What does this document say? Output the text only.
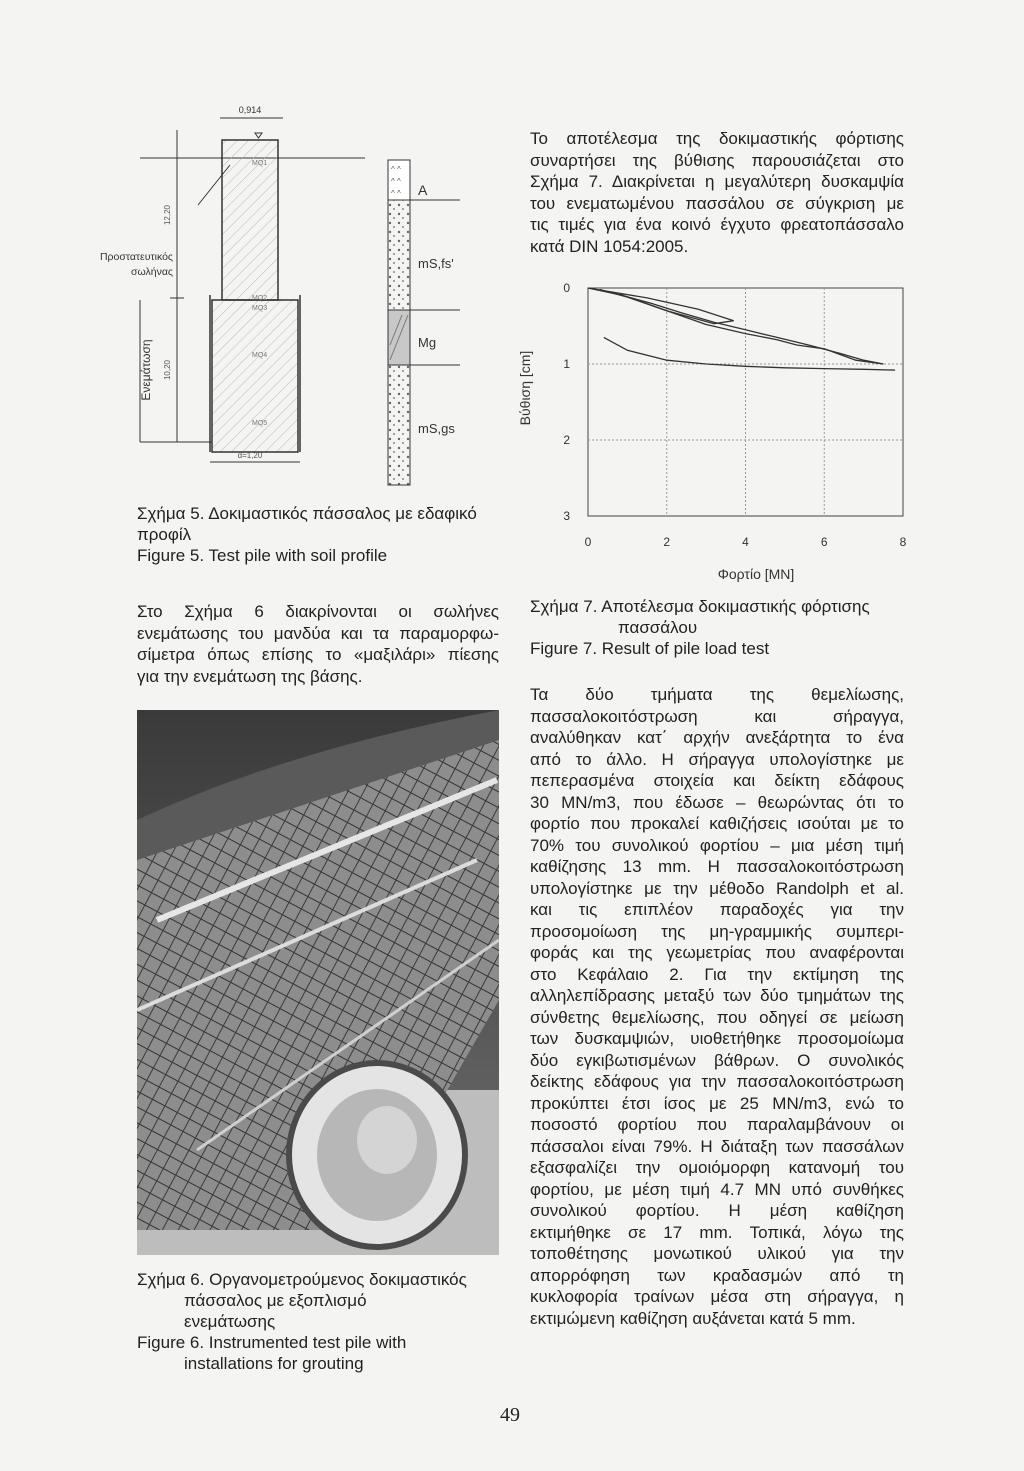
0,914
MQ1
MQ2
MQ3
MQ4
MQ5
12,20
10,20
Προστατευτικός
σωλήνας
Ενεμάτωση
d=1,20
^ ^
^ ^
^ ^ A
mS,fs'
Mg
mS,gs
Σχήμα 5. Δοκιμαστικός πάσσαλος με εδαφικό
προφίλ
Figure 5. Test pile with soil profile
Στο Σχήμα 6 διακρίνονται οι σωλήνες
ενεμάτωσης του μανδύα και τα παραμορφω-
σίμετρα όπως επίσης το «μαξιλάρι» πίεσης
για την ενεμάτωση της βάσης.
Σχήμα 6. Οργανομετρούμενος δοκιμαστικός
πάσσαλος με εξοπλισμό
ενεμάτωσης
Figure 6. Instrumented test pile with
installations for grouting
Το αποτέλεσμα της δοκιμαστικής φόρτισης
συναρτήσει της βύθισης παρουσιάζεται στο
Σχήμα 7. Διακρίνεται η μεγαλύτερη δυσκαμψία
του ενεματωμένου πασσάλου σε σύγκριση με
τις τιμές για ένα κοινό έγχυτο φρεατοπάσσαλο
κατά DIN 1054:2005.
0	2	4	6	8
0
1
2
3
Φορτίο [MN]
Βύθιση [cm]
Σχήμα 7. Αποτέλεσμα δοκιμαστικής φόρτισης
πασσάλου
Figure 7. Result of pile load test
Τα δύο τμήματα της θεμελίωσης,
πασσαλοκοιτόστρωση και σήραγγα,
αναλύθηκαν κατ΄ αρχήν ανεξάρτητα το ένα
από το άλλο. Η σήραγγα υπολογίστηκε με
πεπερασμένα στοιχεία και δείκτη εδάφους
30 MN/m3, που έδωσε – θεωρώντας ότι το
φορτίο που προκαλεί καθιζήσεις ισούται με το
70% του συνολικού φορτίου – μια μέση τιμή
καθίζησης 13 mm. Η πασσαλοκοιτόστρωση
υπολογίστηκε με την μέθοδο Randolph et al.
και τις επιπλέον παραδοχές για την
προσομοίωση της μη-γραμμικής συμπερι-
φοράς και της γεωμετρίας που αναφέρονται
στο Κεφάλαιο 2. Για την εκτίμηση της
αλληλεπίδρασης μεταξύ των δύο τμημάτων της
σύνθετης θεμελίωσης, που οδηγεί σε μείωση
των δυσκαμψιών, υιοθετήθηκε προσομοίωμα
δύο εγκιβωτισμένων βάθρων. Ο συνολικός
δείκτης εδάφους για την πασσαλοκοιτόστρωση
προκύπτει έτσι ίσος με 25 MN/m3, ενώ το
ποσοστό φορτίου που παραλαμβάνουν οι
πάσσαλοι είναι 79%. Η διάταξη των πασσάλων
εξασφαλίζει την ομοιόμορφη κατανομή του
φορτίου, με μέση τιμή 4.7 MN υπό συνθήκες
συνολικού φορτίου. Η μέση καθίζηση
εκτιμήθηκε σε 17 mm. Τοπικά, λόγω της
τοποθέτησης μονωτικού υλικού για την
απορρόφηση των κραδασμών από τη
κυκλοφορία τραίνων μέσα στη σήραγγα, η
εκτιμώμενη καθίζηση αυξάνεται κατά 5 mm.
49
